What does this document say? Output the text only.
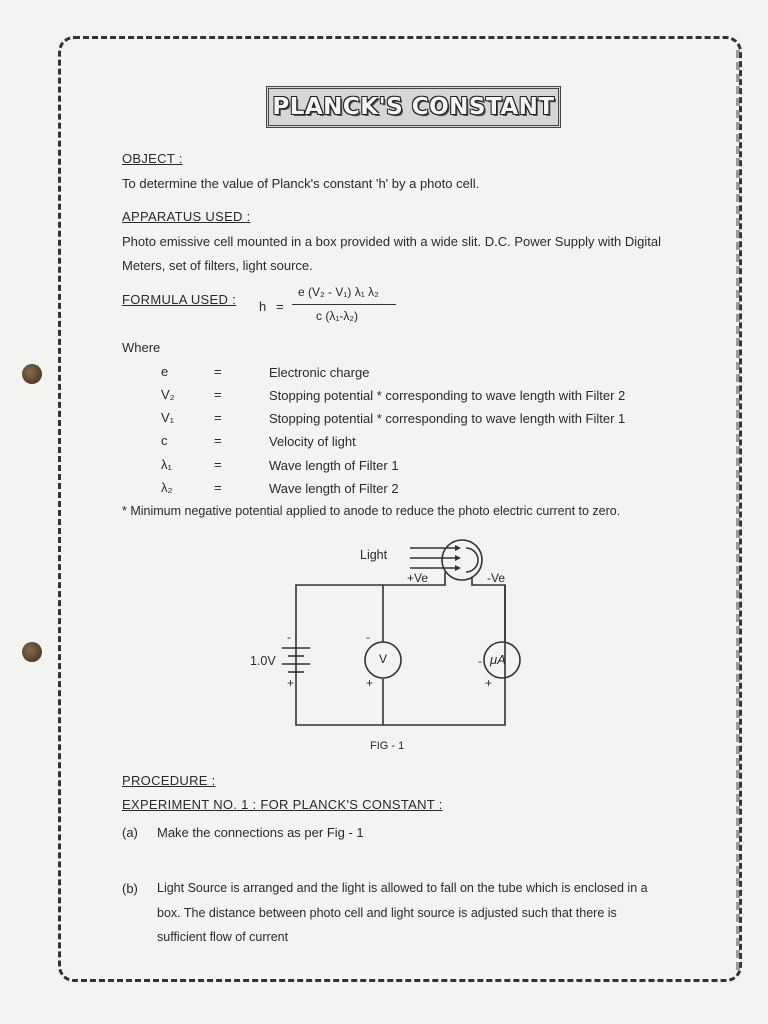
PLANCK'S CONSTANT
OBJECT :
To determine the value of Planck's constant 'h' by a photo cell.
APPARATUS USED :
Photo emissive cell mounted in a box provided with a wide slit. D.C. Power Supply with Digital
Meters, set of filters, light source.
FORMULA USED : h =
e (V₂ - V₁) λ₁ λ₂
c (λ₁-λ₂)
Where
e	=	Electronic charge
V₂	=	Stopping potential * corresponding to wave length with Filter 2
V₁	=	Stopping potential * corresponding to wave length with Filter 1
c	=	Velocity of light
λ₁	=	Wave length of Filter 1
λ₂	=	Wave length of Filter 2
* Minimum negative potential applied to anode to reduce the photo electric current to zero.
Light
+Ve	-Ve
1.0V	V	μA
-
+
-
+
-
+
FIG - 1
PROCEDURE :
EXPERIMENT NO. 1 : FOR PLANCK'S CONSTANT :
(a) Make the connections as per Fig - 1
(b) Light Source is arranged and the light is allowed to fall on the tube which is enclosed in a
box. The distance between photo cell and light source is adjusted such that there is
sufficient flow of current
